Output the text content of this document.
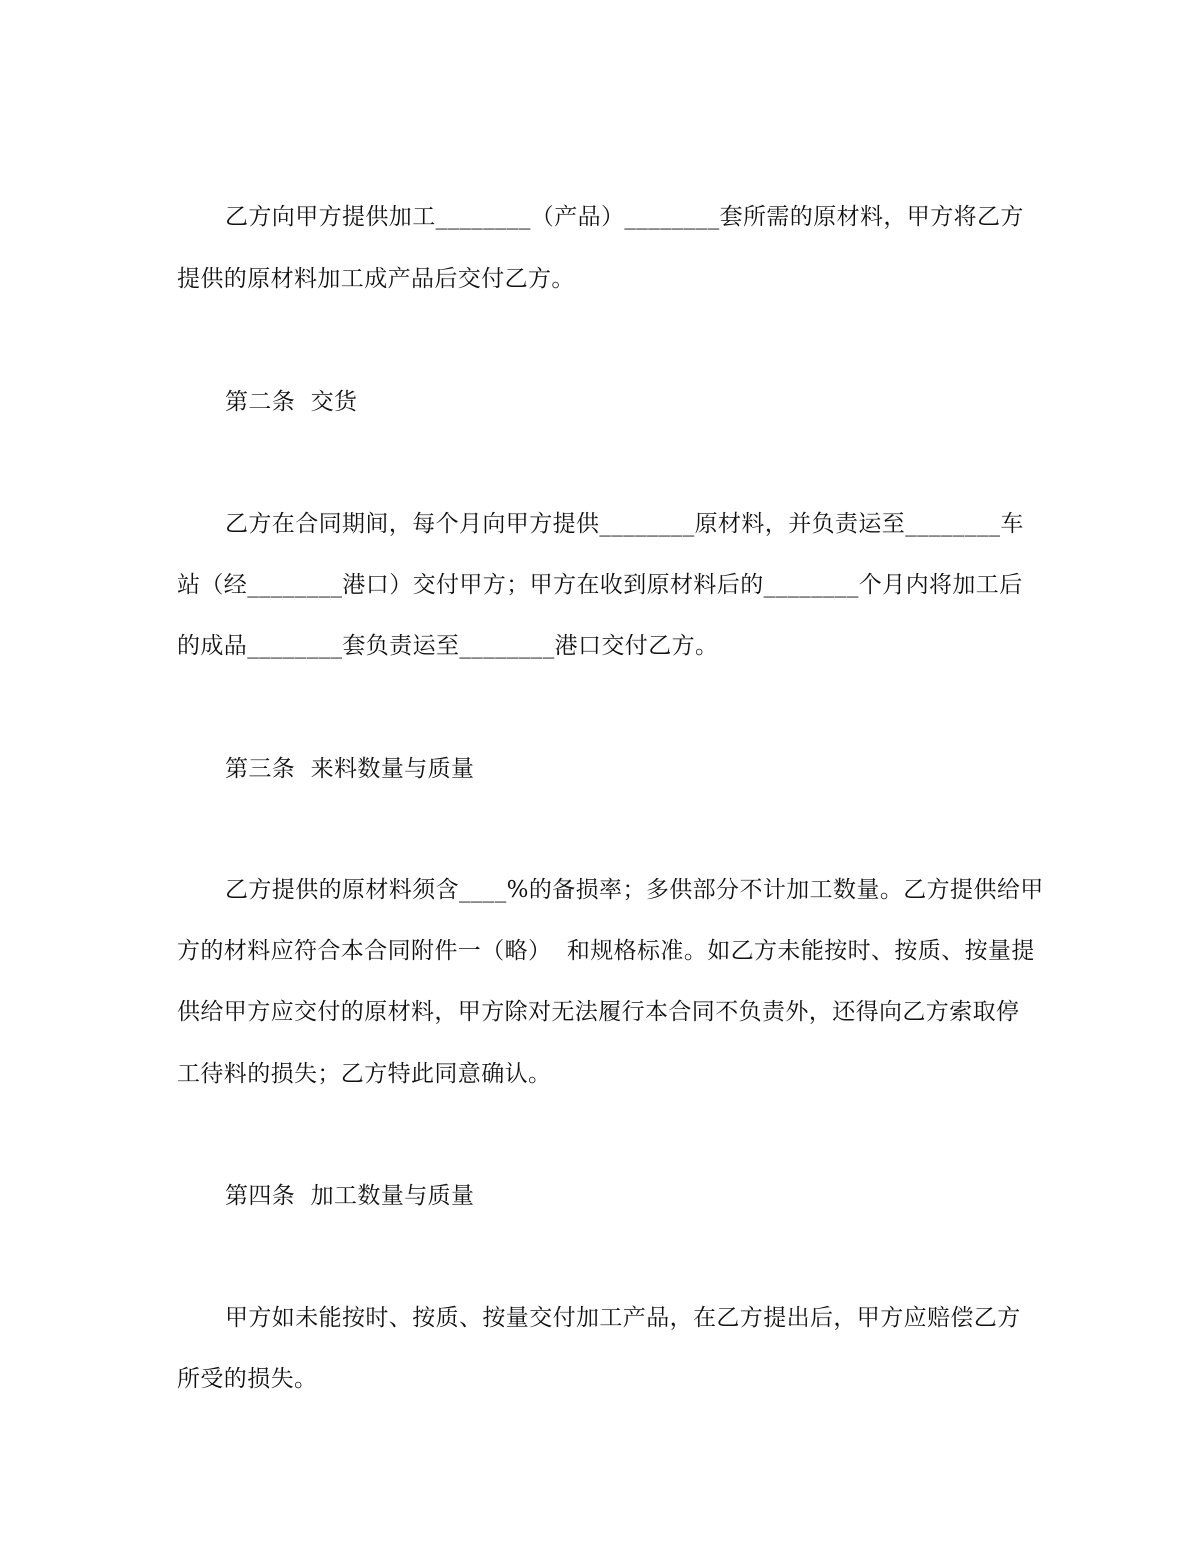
乙方向甲方提供加工________（产品）________套所需的原材料，甲方将乙方
提供的原材料加工成产品后交付乙方。
第二条  交货
乙方在合同期间，每个月向甲方提供________原材料，并负责运至________车
站（经________港口）交付甲方；甲方在收到原材料后的________个月内将加工后
的成品________套负责运至________港口交付乙方。
第三条  来料数量与质量
乙方提供的原材料须含____%的备损率；多供部分不计加工数量。乙方提供给甲
方的材料应符合本合同附件一（略）  和规格标准。如乙方未能按时、按质、按量提
供给甲方应交付的原材料，甲方除对无法履行本合同不负责外，还得向乙方索取停
工待料的损失；乙方特此同意确认。
第四条  加工数量与质量
甲方如未能按时、按质、按量交付加工产品，在乙方提出后，甲方应赔偿乙方
所受的损失。
